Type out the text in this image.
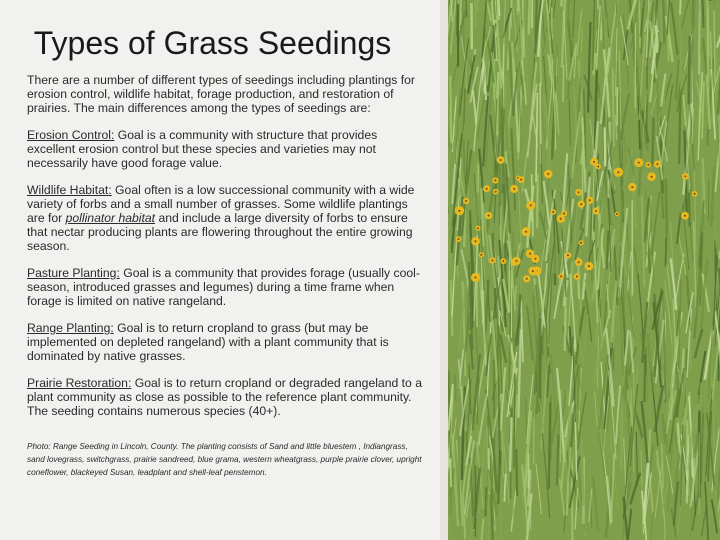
Types of Grass Seedings

There are a number of different types of seedings including plantings for erosion control, wildlife habitat, forage production, and restoration of prairies. The main differences among the types of seedings are:

Erosion Control: Goal is a community with structure that provides excellent erosion control but these species and varieties may not necessarily have good forage value.

Wildlife Habitat: Goal often is a low successional community with a wide variety of forbs and a small number of grasses. Some wildlife plantings are for pollinator habitat and include a large diversity of forbs to ensure that nectar producing plants are flowering throughout the entire growing season.

Pasture Planting: Goal is a community that provides forage (usually cool-season, introduced grasses and legumes) during a time frame when forage is limited on native rangeland.

Range Planting: Goal is to return cropland to grass (but may be implemented on depleted rangeland) with a plant community that is dominated by native grasses.

Prairie Restoration: Goal is to return cropland or degraded rangeland to a plant community as close as possible to the reference plant community. The seeding contains numerous species (40+).

Photo: Range Seeding in Lincoln, County. The planting consists of Sand and little bluestem , Indiangrass, sand lovegrass, switchgrass, prairie sandreed, blue grama, western wheatgrass, purple prairie clover, upright coneflower, blackeyed Susan, leadplant and shell-leaf penstemon.
